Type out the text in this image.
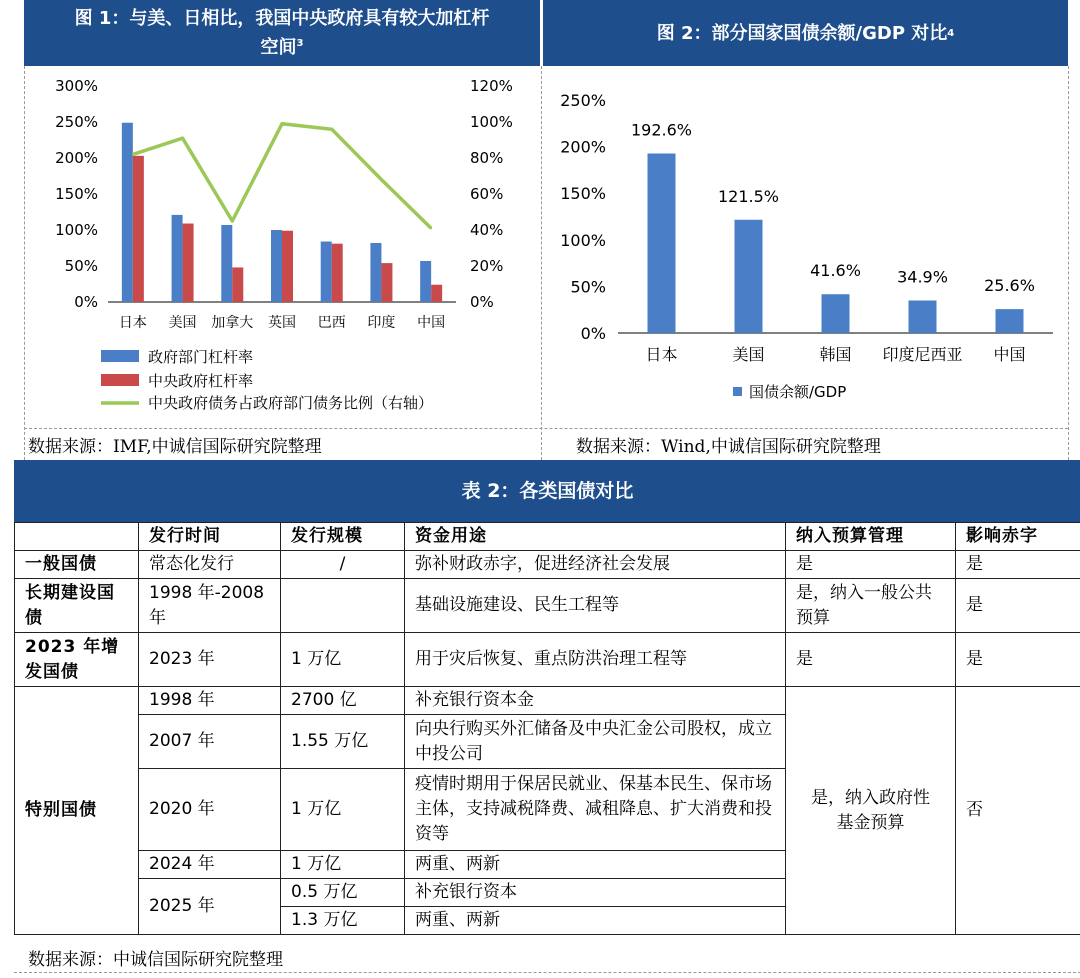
图 1：与美、日相比，我国中央政府具有较大加杠杆
空间$^3$	图 2：部分国家国债余额/GDP 对比 4
0%
50%
100%
150%
200%
250%
300%
0%
20%
40%
60%
80%
100%
120%
日本 美国 加拿大 英国 巴西 印度 中国
政府部门杠杆率
中央政府杠杆率
中央政府债务占政府部门债务比例（右轴）
0%
50%
100%
150%
200%
250%
192.6%
日本
121.5%
美国
41.6%
韩国
34.9%
印度尼西亚
25.6%
中国
国债余额/GDP
数据来源：IMF,中诚信国际研究院整理	数据来源：Wind,中诚信国际研究院整理
表 2：各类国债对比
	发行时间	发行规模	资金用途	纳入预算管理	影响赤字
一般国债	常态化发行	/	弥补财政赤字，促进经济社会发展	是	是
长期建设国债	1998 年-2008 年		基础设施建设、民生工程等	是，纳入一般公共预算	是
2023 年增发国债	2023 年	1 万亿	用于灾后恢复、重点防洪治理工程等	是	是
特别国债	1998 年	2700 亿	补充银行资本金	是，纳入政府性基金预算	否
	2007 年	1.55 万亿	向央行购买外汇储备及中央汇金公司股权，成立中投公司		
	2020 年	1 万亿	疫情时期用于保居民就业、保基本民生、保市场主体，支持减税降费、减租降息、扩大消费和投资等		
	2024 年	1 万亿	两重、两新		
	2025 年	0.5 万亿	补充银行资本		
		1.3 万亿	两重、两新		
数据来源：中诚信国际研究院整理
